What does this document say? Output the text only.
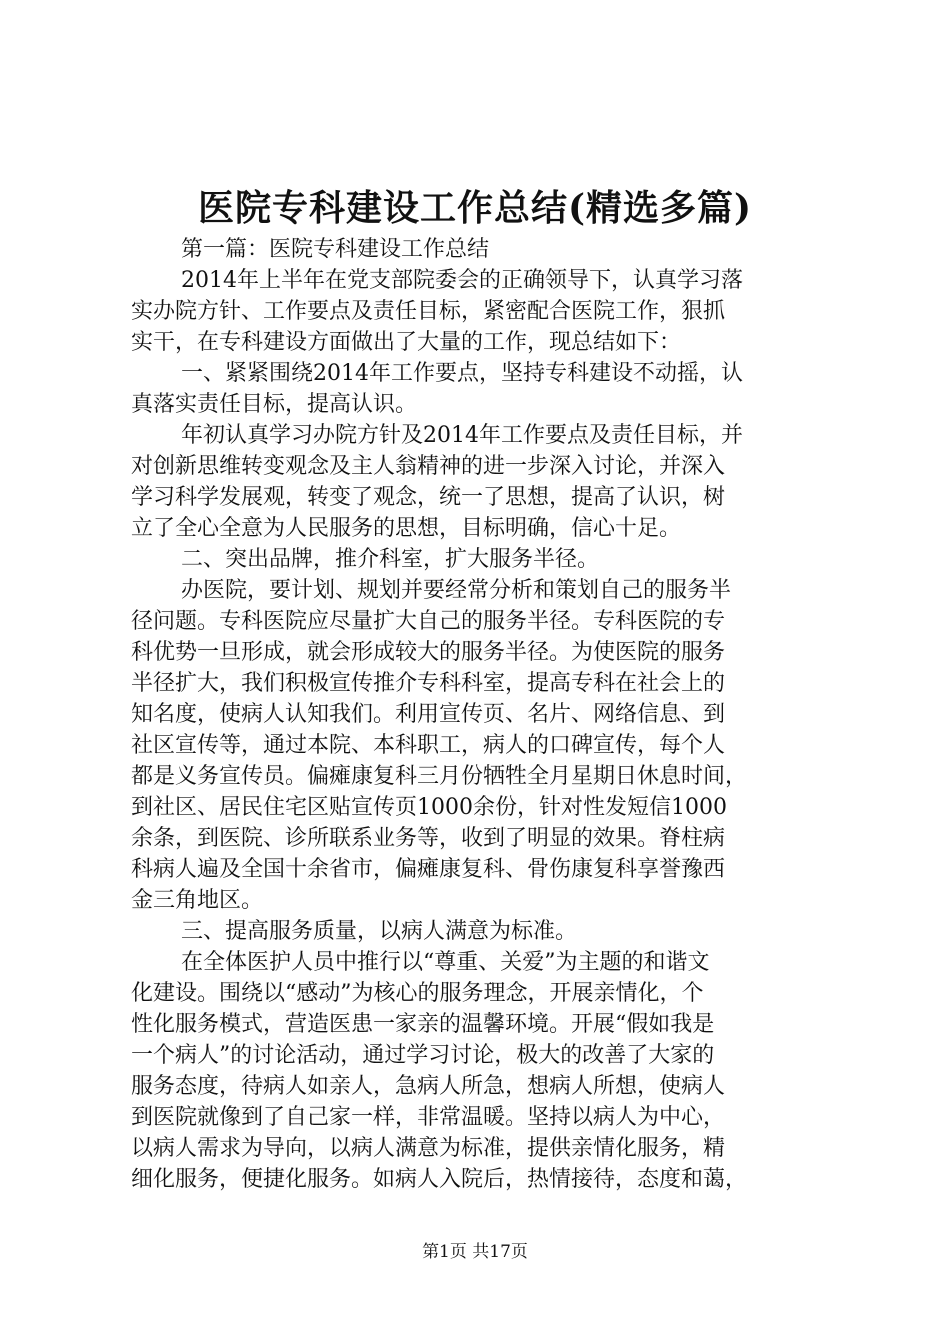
医院专科建设工作总结(精选多篇)
第一篇：医院专科建设工作总结
2014年上半年在党支部院委会的正确领导下，认真学习落
实办院方针、工作要点及责任目标，紧密配合医院工作，狠抓
实干，在专科建设方面做出了大量的工作，现总结如下：
一、紧紧围绕2014年工作要点，坚持专科建设不动摇，认
真落实责任目标，提高认识。
年初认真学习办院方针及2014年工作要点及责任目标，并
对创新思维转变观念及主人翁精神的进一步深入讨论，并深入
学习科学发展观，转变了观念，统一了思想，提高了认识，树
立了全心全意为人民服务的思想，目标明确，信心十足。
二、突出品牌，推介科室，扩大服务半径。
办医院，要计划、规划并要经常分析和策划自己的服务半
径问题。专科医院应尽量扩大自己的服务半径。专科医院的专
科优势一旦形成，就会形成较大的服务半径。为使医院的服务
半径扩大，我们积极宣传推介专科科室，提高专科在社会上的
知名度，使病人认知我们。利用宣传页、名片、网络信息、到
社区宣传等，通过本院、本科职工，病人的口碑宣传，每个人
都是义务宣传员。偏瘫康复科三月份牺牲全月星期日休息时间，
到社区、居民住宅区贴宣传页1000余份，针对性发短信1000
余条，到医院、诊所联系业务等，收到了明显的效果。脊柱病
科病人遍及全国十余省市，偏瘫康复科、骨伤康复科享誉豫西
金三角地区。
三、提高服务质量，以病人满意为标准。
在全体医护人员中推行以“尊重、关爱”为主题的和谐文
化建设。围绕以“感动”为核心的服务理念，开展亲情化，个
性化服务模式，营造医患一家亲的温馨环境。开展“假如我是
一个病人”的讨论活动，通过学习讨论，极大的改善了大家的
服务态度，待病人如亲人，急病人所急，想病人所想，使病人
到医院就像到了自己家一样，非常温暖。坚持以病人为中心，
以病人需求为导向，以病人满意为标准，提供亲情化服务，精
细化服务，便捷化服务。如病人入院后，热情接待，态度和蔼，
第1页 共17页
